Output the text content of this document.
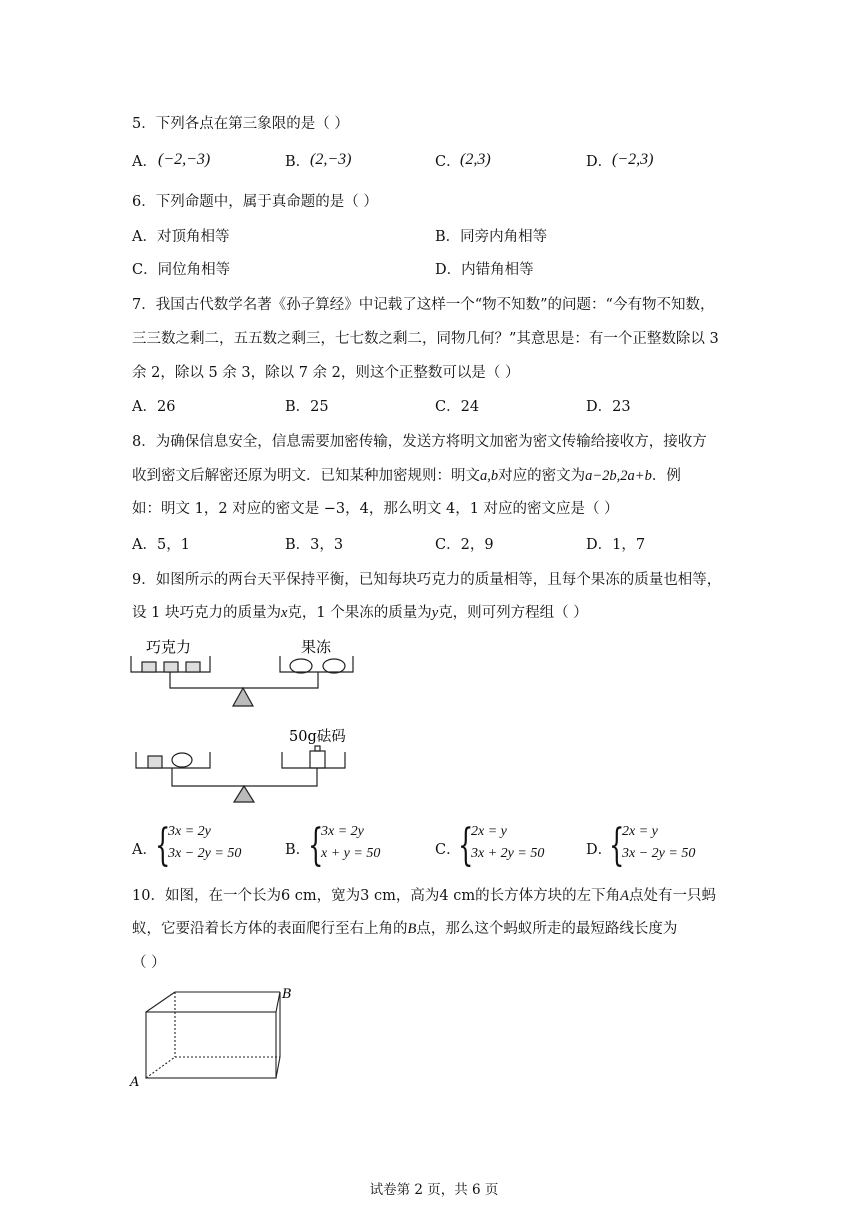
5．下列各点在第三象限的是（ ）
A． (−2,−3)	B． (2,−3)	C． (2,3)	D． (−2,3)
6．下列命题中，属于真命题的是（ ）
A．对顶角相等	B．同旁内角相等
C．同位角相等	D．内错角相等
7．我国古代数学名著《孙子算经》中记载了这样一个“物不知数”的问题：“今有物不知数，
三三数之剩二，五五数之剩三，七七数之剩二，同物几何？”其意思是：有一个正整数除以 3
余 2，除以 5 余 3，除以 7 余 2，则这个正整数可以是（ ）
A．26	B．25	C．24	D．23
8．为确保信息安全，信息需要加密传输，发送方将明文加密为密文传输给接收方，接收方
收到密文后解密还原为明文．已知某种加密规则：明文a,b对应的密文为a−2b,2a+b．例
如：明文 1，2 对应的密文是 −3，4，那么明文 4，1 对应的密文应是（ ）
A．5，1	B．3，3	C．2，9	D．1，7
9．如图所示的两台天平保持平衡，已知每块巧克力的质量相等，且每个果冻的质量也相等，
设 1 块巧克力的质量为x克，1 个果冻的质量为y克，则可列方程组（ ）
巧克力	果冻
50g砝码
A．
{
3x = 2y
3x − 2y = 50	B．
{
3x = 2y
x + y = 50	C．
{
2x = y
3x + 2y = 50	D．
{
2x = y
3x − 2y = 50
10．如图，在一个长为6 cm，宽为3 cm，高为4 cm的长方体方块的左下角A点处有一只蚂
蚁，它要沿着长方体的表面爬行至右上角的B点，那么这个蚂蚁所走的最短路线长度为
（ ）
A
B
试卷第 2 页，共 6 页
